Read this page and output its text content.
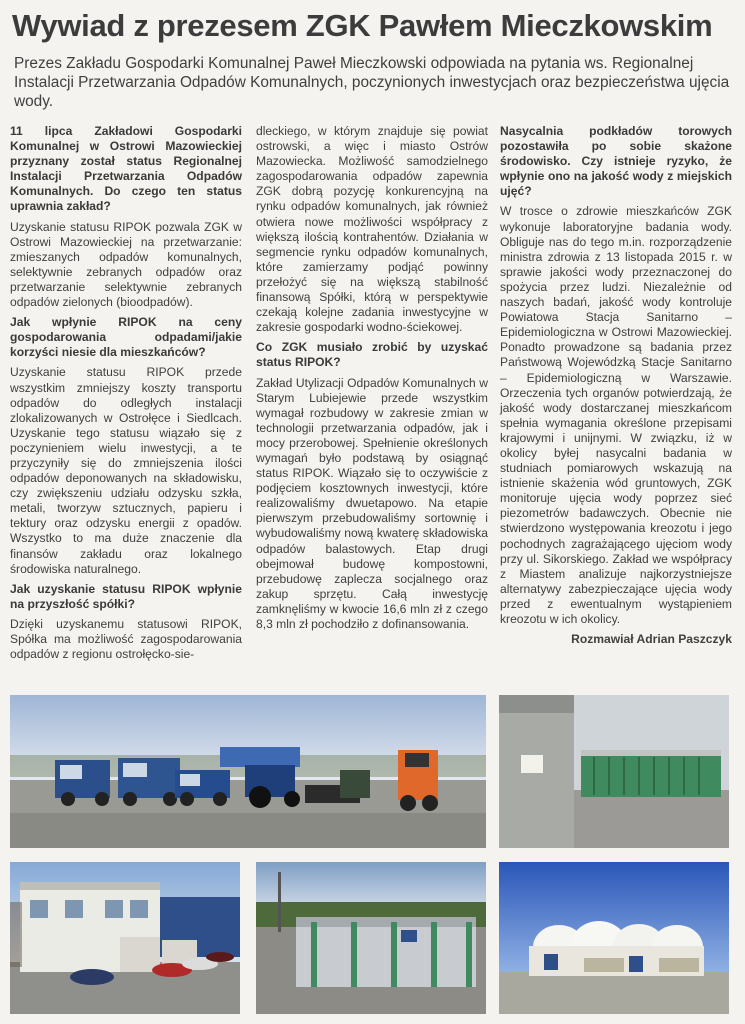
Wywiad z prezesem ZGK Pawłem Mieczkowskim
Prezes Zakładu Gospodarki Komunalnej Paweł Mieczkowski odpowiada na pytania ws. Regionalnej Instalacji Przetwarzania Odpadów Komunalnych, poczynionych inwestycjach oraz bezpieczeństwa ujęcia wody.

11 lipca Zakładowi Gospodarki Komunalnej w Ostrowi Mazowieckiej przyznany został status Regionalnej Instalacji Przetwarzania Odpadów Komunalnych. Do czego ten status uprawnia zakład?

Uzyskanie statusu RIPOK pozwala ZGK w Ostrowi Mazowieckiej na przetwarzanie: zmieszanych odpadów komunalnych, selektywnie zebranych odpadów oraz przetwarzanie selektywnie zebranych odpadów zielonych (bioodpadów).

Jak wpłynie RIPOK na ceny gospodarowania odpadami/jakie korzyści niesie dla mieszkańców?

Uzyskanie statusu RIPOK przede wszystkim zmniejszy koszty transportu odpadów do odległych instalacji zlokalizowanych w Ostrołęce i Siedlcach. Uzyskanie tego statusu wiązało się z poczynieniem wielu inwestycji, a te przyczyniły się do zmniejszenia ilości odpadów deponowanych na składowisku, czy zwiększeniu udziału odzysku szkła, metali, tworzyw sztucznych, papieru i tektury oraz odzysku energii z opadów. Wszystko to ma duże znaczenie dla finansów zakładu oraz lokalnego środowiska naturalnego.

Jak uzyskanie statusu RIPOK wpłynie na przyszłość spółki?

Dzięki uzyskanemu statusowi RIPOK, Spółka ma możliwość zagospodarowania odpadów z regionu ostrołęcko-sie-

dleckiego, w którym znajduje się powiat ostrowski, a więc i miasto Ostrów Mazowiecka. Możliwość samodzielnego zagospodarowania odpadów zapewnia ZGK dobrą pozycję konkurencyjną na rynku odpadów komunalnych, jak również otwiera nowe możliwości współpracy z większą ilością kontrahentów. Działania w segmencie rynku odpadów komunalnych, które zamierzamy podjąć powinny przełożyć się na większą stabilność finansową Spółki, którą w perspektywie czekają kolejne zadania inwestycyjne w zakresie gospodarki wodno-ściekowej.

Co ZGK musiało zrobić by uzyskać status RIPOK?

Zakład Utylizacji Odpadów Komunalnych w Starym Lubiejewie przede wszystkim wymagał rozbudowy w zakresie zmian w technologii przetwarzania odpadów, jak i mocy przerobowej. Spełnienie określonych wymagań było podstawą by osiągnąć status RIPOK. Wiązało się to oczywiście z podjęciem kosztownych inwestycji, które realizowaliśmy dwuetapowo. Na etapie pierwszym przebudowaliśmy sortownię i wybudowaliśmy nową kwaterę składowiska odpadów balastowych. Etap drugi obejmował budowę kompostowni, przebudowę zaplecza socjalnego oraz zakup sprzętu. Całą inwestycję zamknęliśmy w kwocie 16,6 mln zł z czego 8,3 mln zł pochodziło z dofinansowania.

Nasycalnia podkładów torowych pozostawiła po sobie skażone środowisko. Czy istnieje ryzyko, że wpłynie ono na jakość wody z miejskich ujęć?

W trosce o zdrowie mieszkańców ZGK wykonuje laboratoryjne badania wody. Obliguje nas do tego m.in. rozporządzenie ministra zdrowia z 13 listopada 2015 r. w sprawie jakości wody przeznaczonej do spożycia przez ludzi. Niezależnie od naszych badań, jakość wody kontroluje Powiatowa Stacja Sanitarno – Epidemiologiczna w Ostrowi Mazowieckiej. Ponadto prowadzone są badania przez Państwową Wojewódzką Stacje Sanitarno – Epidemiologiczną w Warszawie. Orzeczenia tych organów potwierdzają, że jakość wody dostarczanej mieszkańcom spełnia wymagania określone przepisami krajowymi i unijnymi. W związku, iż w okolicy byłej nasycalni badania w studniach pomiarowych wskazują na istnienie skażenia wód gruntowych, ZGK monitoruje ujęcia wody poprzez sieć piezometrów badawczych. Obecnie nie stwierdzono występowania kreozotu i jego pochodnych zagrażającego ujęciom wody przy ul. Sikorskiego. Zakład we współpracy z Miastem analizuje najkorzystniejsze alternatywy zabezpieczające ujęcia wody przed z ewentualnym wystąpieniem kreozotu w ich okolicy.

Rozmawiał Adrian Paszczyk
